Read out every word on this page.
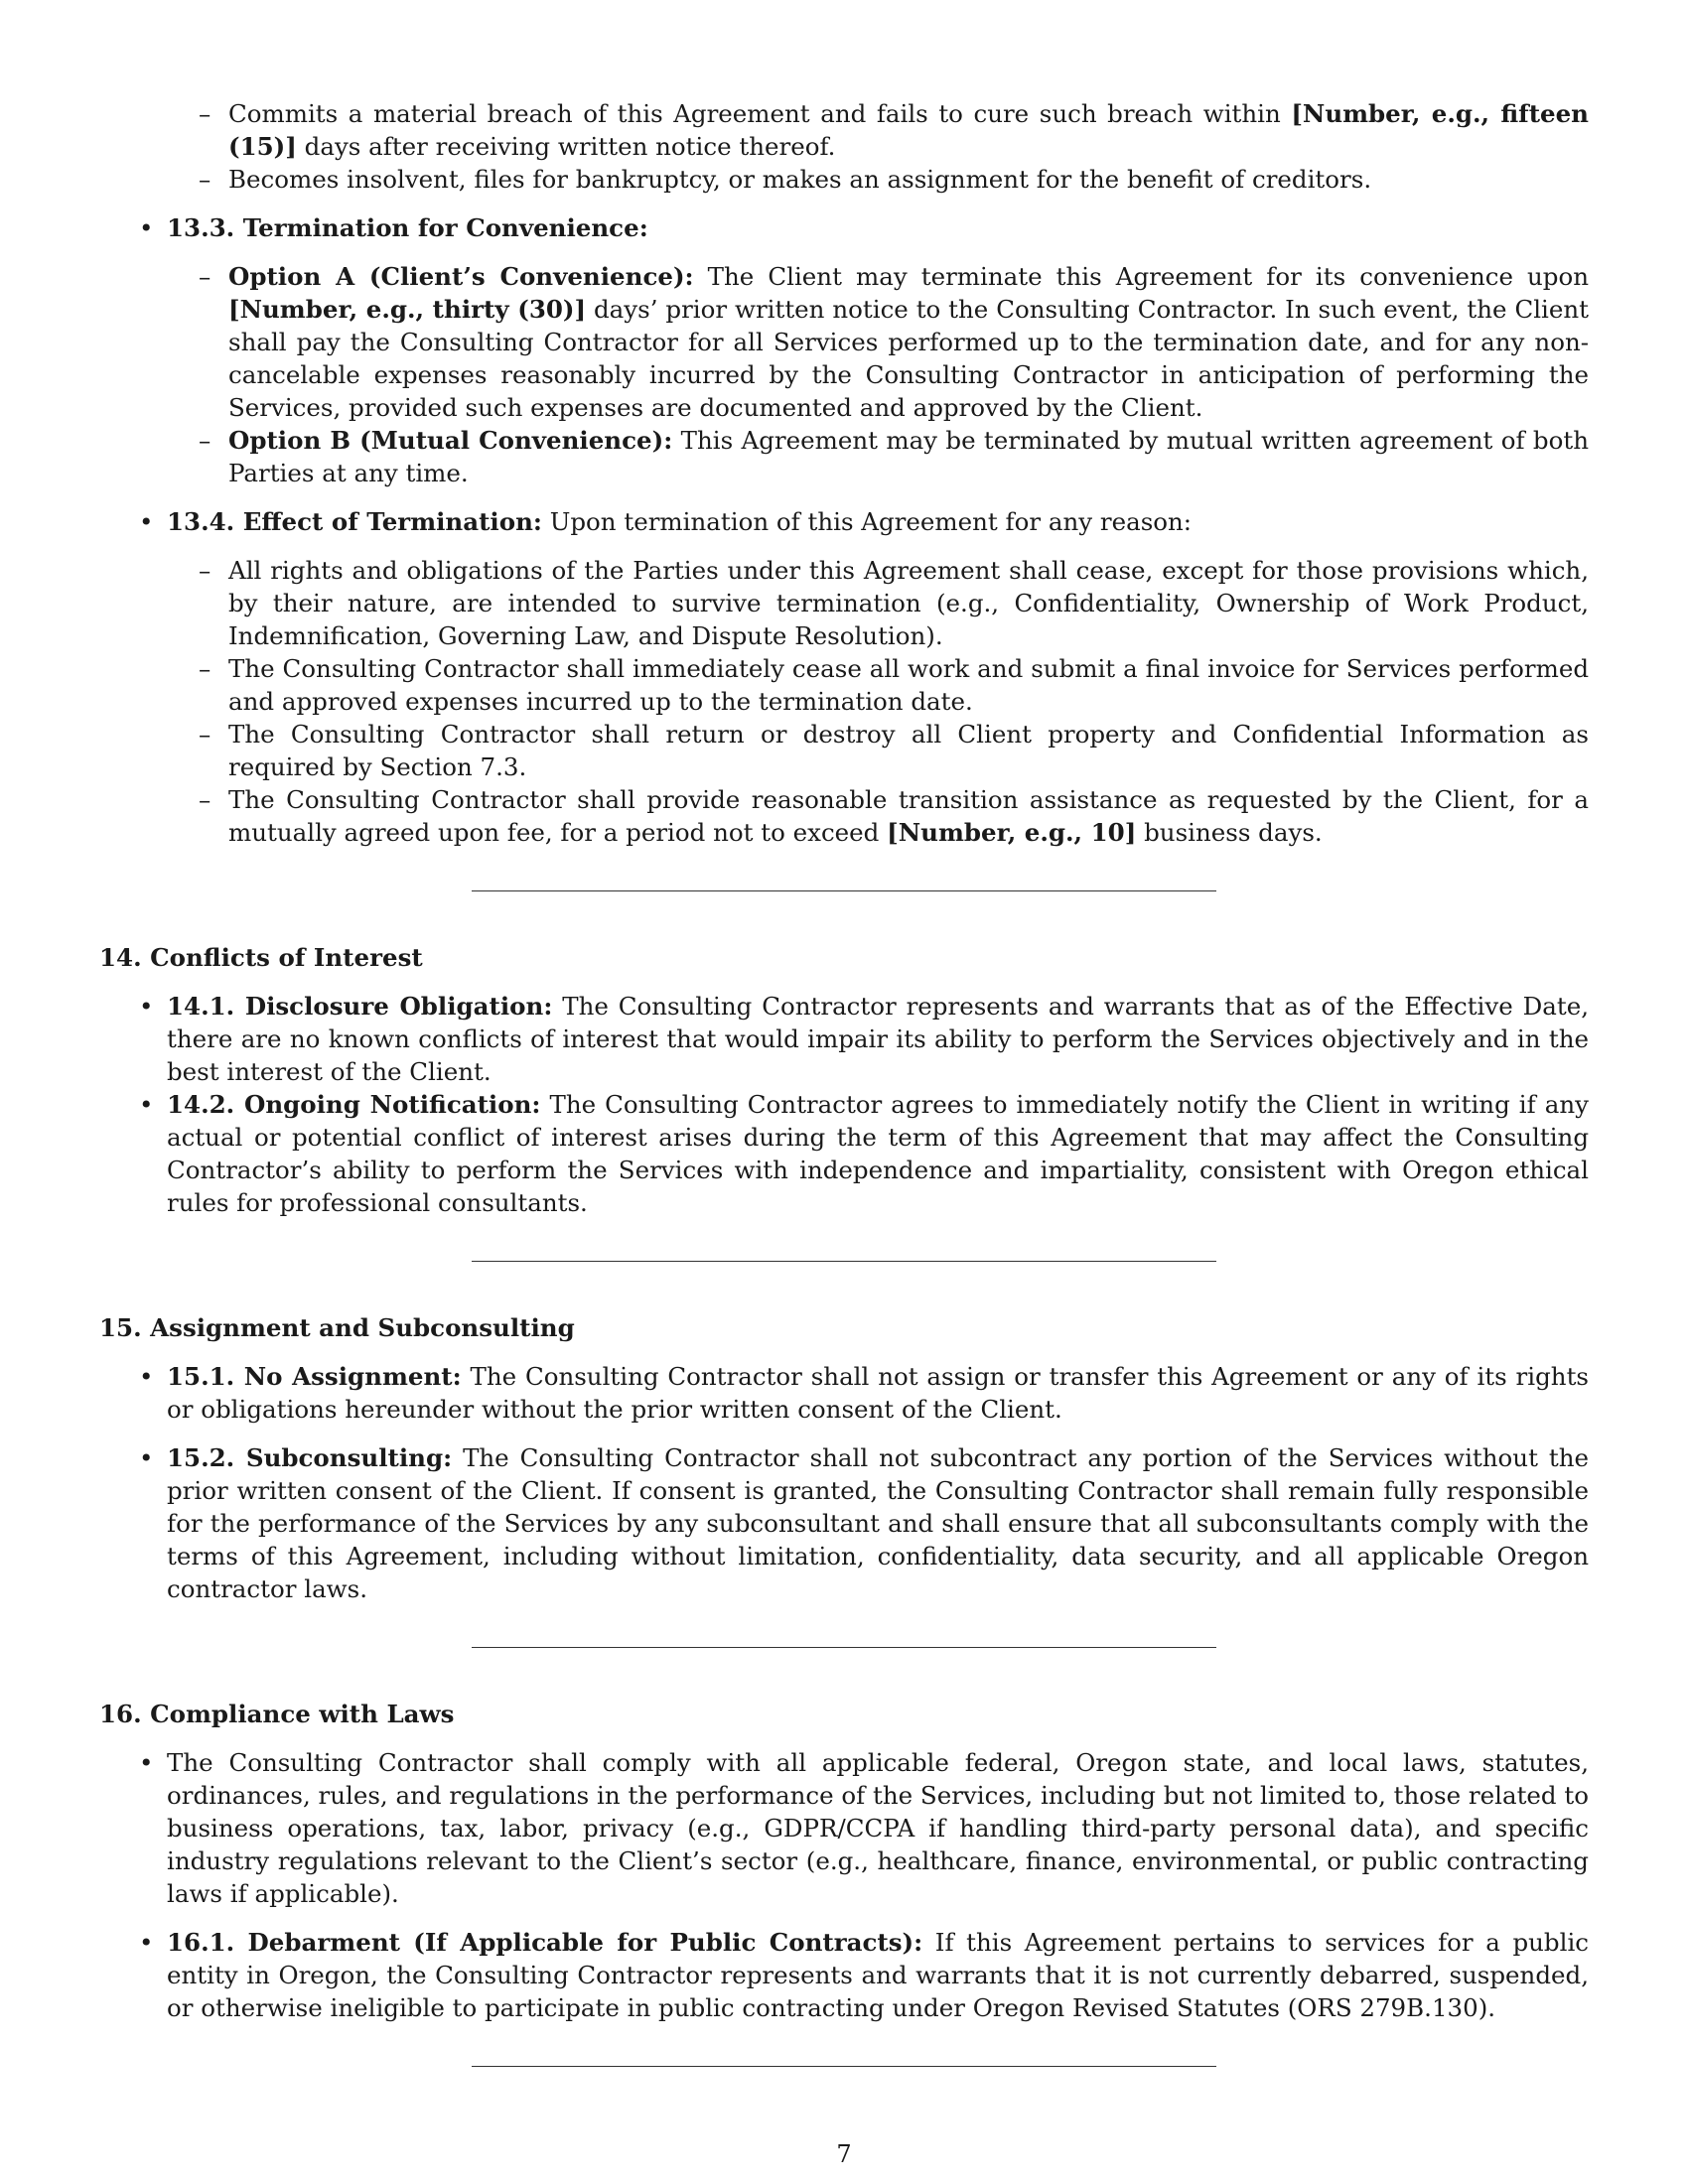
– Commits a material breach of this Agreement and fails to cure such breach within [Number, e.g., fifteen (15)] days after receiving written notice thereof.
– Becomes insolvent, files for bankruptcy, or makes an assignment for the benefit of creditors.
• 13.3. Termination for Convenience:
– Option A (Client’s Convenience): The Client may terminate this Agreement for its convenience upon [Number, e.g., thirty (30)] days’ prior written notice to the Consulting Contractor. In such event, the Client shall pay the Consulting Contractor for all Services performed up to the termination date, and for any non-cancelable expenses reasonably incurred by the Consulting Contractor in anticipation of performing the Services, provided such expenses are documented and approved by the Client.
– Option B (Mutual Convenience): This Agreement may be terminated by mutual written agreement of both Parties at any time.
• 13.4. Effect of Termination: Upon termination of this Agreement for any reason:
– All rights and obligations of the Parties under this Agreement shall cease, except for those provisions which, by their nature, are intended to survive termination (e.g., Confidentiality, Ownership of Work Product, Indemnification, Governing Law, and Dispute Resolution).
– The Consulting Contractor shall immediately cease all work and submit a final invoice for Services performed and approved expenses incurred up to the termination date.
– The Consulting Contractor shall return or destroy all Client property and Confidential Information as required by Section 7.3.
– The Consulting Contractor shall provide reasonable transition assistance as requested by the Client, for a mutually agreed upon fee, for a period not to exceed [Number, e.g., 10] business days.
14. Conflicts of Interest
• 14.1. Disclosure Obligation: The Consulting Contractor represents and warrants that as of the Effective Date, there are no known conflicts of interest that would impair its ability to perform the Services objectively and in the best interest of the Client.
• 14.2. Ongoing Notification: The Consulting Contractor agrees to immediately notify the Client in writing if any actual or potential conflict of interest arises during the term of this Agreement that may affect the Consulting Contractor’s ability to perform the Services with independence and impartiality, consistent with Oregon ethical rules for professional consultants.
15. Assignment and Subconsulting
• 15.1. No Assignment: The Consulting Contractor shall not assign or transfer this Agreement or any of its rights or obligations hereunder without the prior written consent of the Client.
• 15.2. Subconsulting: The Consulting Contractor shall not subcontract any portion of the Services without the prior written consent of the Client. If consent is granted, the Consulting Contractor shall remain fully responsible for the performance of the Services by any subconsultant and shall ensure that all subconsultants comply with the terms of this Agreement, including without limitation, confidentiality, data security, and all applicable Oregon contractor laws.
16. Compliance with Laws
• The Consulting Contractor shall comply with all applicable federal, Oregon state, and local laws, statutes, ordinances, rules, and regulations in the performance of the Services, including but not limited to, those related to business operations, tax, labor, privacy (e.g., GDPR/CCPA if handling third-party personal data), and specific industry regulations relevant to the Client’s sector (e.g., healthcare, finance, environmental, or public contracting laws if applicable).
• 16.1. Debarment (If Applicable for Public Contracts): If this Agreement pertains to services for a public entity in Oregon, the Consulting Contractor represents and warrants that it is not currently debarred, suspended, or otherwise ineligible to participate in public contracting under Oregon Revised Statutes (ORS 279B.130).
7
